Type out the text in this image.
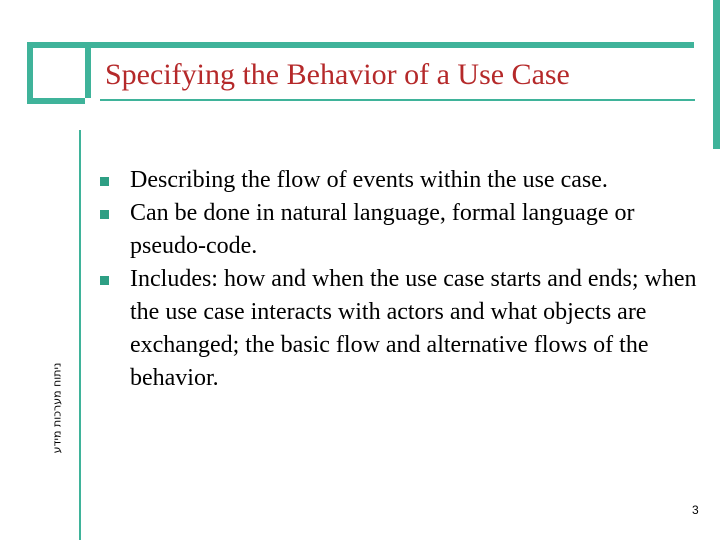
Specifying the Behavior of a Use Case
ניתוח מערכות מידע
Describing the flow of events within the use case.
Can be done in natural language, formal language or pseudo-code.
Includes: how and when the use case starts and ends; when the use case interacts with actors and what objects are exchanged; the basic flow and alternative flows of the behavior.
3
